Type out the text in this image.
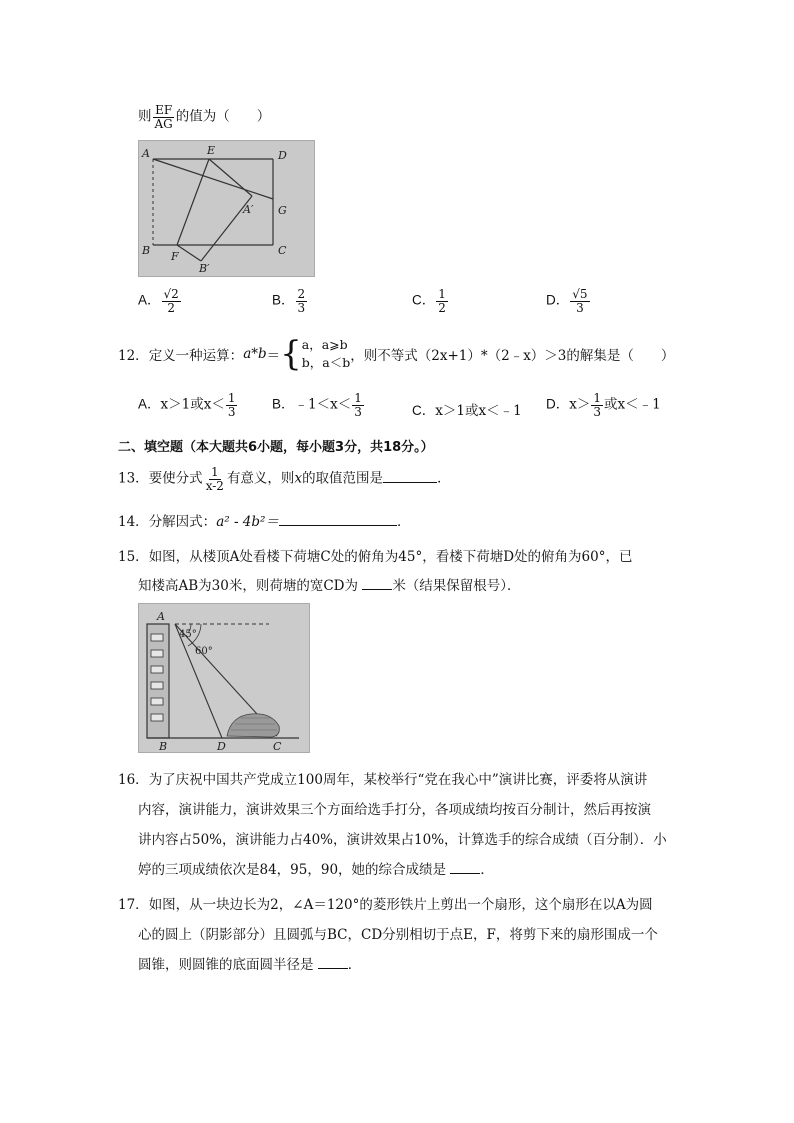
则 $\frac{EF}{AG}$ 的值为（　　）
A	E	D
A′ G
B F
B′
C
A． $\frac{√2}{2}$	B． $\frac{2}{3}$	C． $\frac{1}{2}$	D． $\frac{√5}{3}$
12．定义一种运算：a*b＝{ a，a⩾b
b，a＜b ，则不等式（2x+1）*（2﹣x）＞3的解集是（　　）
A．x＞1或$x< \frac{1}{3}$	B．﹣1＜x＜ $\frac{1}{3}$	C．x＞1或x＜﹣1 D．$x> \frac{1}{3}$ 或x＜﹣1
二、填空题（本大题共6小题，每小题3分，共18分。）
13．要使分式 $\frac{1}{x-2}$ 有意义，则x的取值范围是	．
14．分解因式：a² - 4b²＝	．
15．如图，从楼顶A处看楼下荷塘C处的俯角为45°，看楼下荷塘D处的俯角为60°，已
知楼高AB为30米，则荷塘的宽CD为	米（结果保留根号）．
A
45°
60°
B	D	C
16．为了庆祝中国共产党成立100周年，某校举行“党在我心中”演讲比赛，评委将从演讲
内容，演讲能力，演讲效果三个方面给选手打分，各项成绩均按百分制计，然后再按演
讲内容占50%，演讲能力占40%，演讲效果占10%，计算选手的综合成绩（百分制）．小
婷的三项成绩依次是84，95，90，她的综合成绩是	．
17．如图，从一块边长为2，∠A＝120°的菱形铁片上剪出一个扇形，这个扇形在以A为圆
心的圆上（阴影部分）且圆弧与BC，CD分别相切于点E，F，将剪下来的扇形围成一个
圆锥，则圆锥的底面圆半径是	．
